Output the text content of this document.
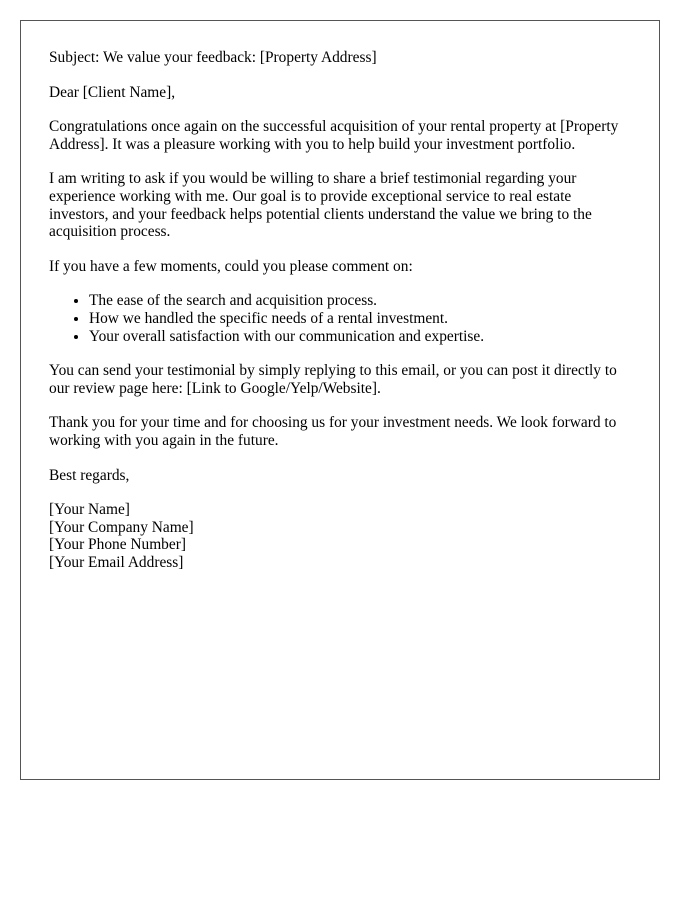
Subject: We value your feedback: [Property Address]

Dear [Client Name],

Congratulations once again on the successful acquisition of your rental property at [Property Address]. It was a pleasure working with you to help build your investment portfolio.

I am writing to ask if you would be willing to share a brief testimonial regarding your experience working with me. Our goal is to provide exceptional service to real estate investors, and your feedback helps potential clients understand the value we bring to the acquisition process.

If you have a few moments, could you please comment on:

• The ease of the search and acquisition process.
• How we handled the specific needs of a rental investment.
• Your overall satisfaction with our communication and expertise.

You can send your testimonial by simply replying to this email, or you can post it directly to our review page here: [Link to Google/Yelp/Website].

Thank you for your time and for choosing us for your investment needs. We look forward to working with you again in the future.

Best regards,

[Your Name]
[Your Company Name]
[Your Phone Number]
[Your Email Address]
